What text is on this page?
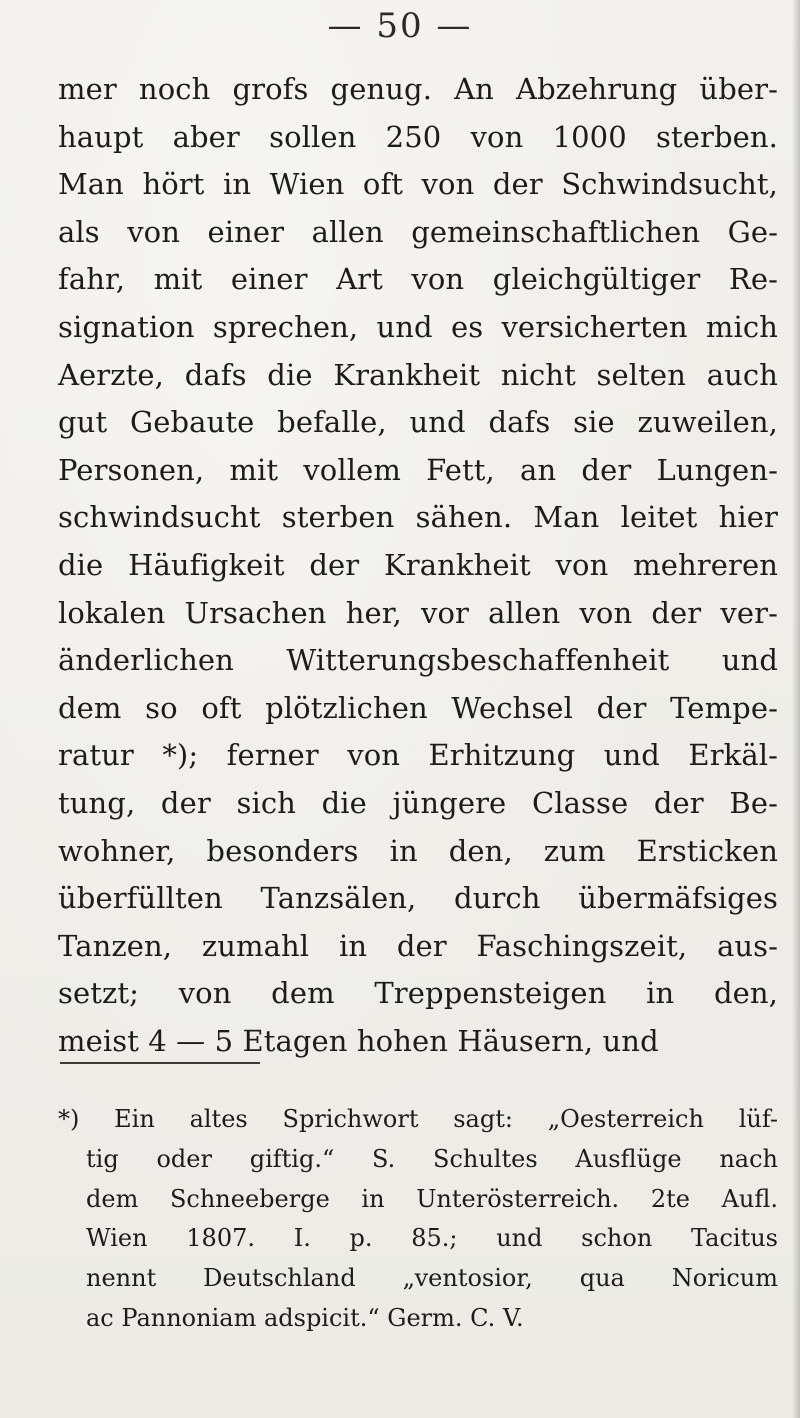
— 50 —
mer noch grofs genug. An Abzehrung über-
haupt aber sollen 250 von 1000 sterben.
Man hört in Wien oft von der Schwindsucht,
als von einer allen gemeinschaftlichen Ge-
fahr, mit einer Art von gleichgültiger Re-
signation sprechen, und es versicherten mich
Aerzte, dafs die Krankheit nicht selten auch
gut Gebaute befalle, und dafs sie zuweilen,
Personen, mit vollem Fett, an der Lungen-
schwindsucht sterben sähen. Man leitet hier
die Häufigkeit der Krankheit von mehreren
lokalen Ursachen her, vor allen von der ver-
änderlichen Witterungsbeschaffenheit und
dem so oft plötzlichen Wechsel der Tempe-
ratur *); ferner von Erhitzung und Erkäl-
tung, der sich die jüngere Classe der Be-
wohner, besonders in den, zum Ersticken
überfüllten Tanzsälen, durch übermäfsiges
Tanzen, zumahl in der Faschingszeit, aus-
setzt; von dem Treppensteigen in den,
meist 4 — 5 Etagen hohen Häusern, und
*) Ein altes Sprichwort sagt: „Oesterreich lüf-
tig oder giftig.“ S. Schultes Ausflüge nach
dem Schneeberge in Unterösterreich. 2te Aufl.
Wien 1807. I. p. 85.; und schon Tacitus
nennt Deutschland „ventosior, qua Noricum
ac Pannoniam adspicit.“ Germ. C. V.
